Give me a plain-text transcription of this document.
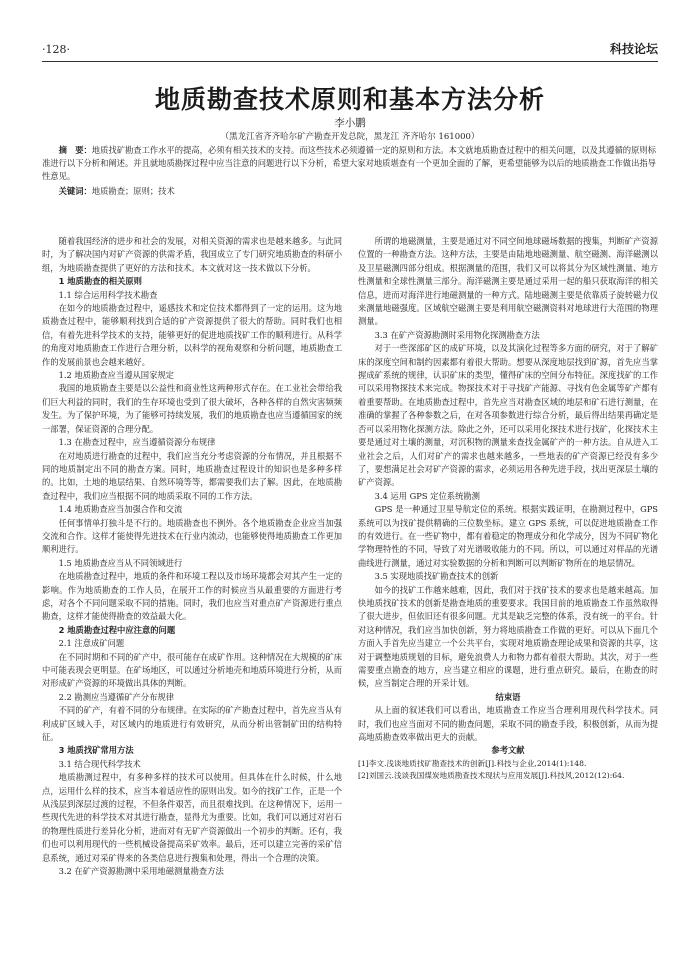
·128·	科技论坛
地质勘查技术原则和基本方法分析
李小鹏
（黑龙江省齐齐哈尔矿产勘查开发总院，黑龙江 齐齐哈尔 161000）
摘　要：地质找矿勘查工作水平的提高，必须有相关技术的支持。而这些技术必须遵循一定的原则和方法。本文就地质勘查过程中的相关问题，以及其遵循的原则标准进行以下分析和阐述。并且就地质勘探过程中应当注意的问题进行以下分析，希望大家对地质堪查有一个更加全面的了解，更希望能够为以后的地质勘查工作做出指导性意见。
关键词：地质勘查；原则；技术
随着我国经济的进步和社会的发展，对相关资源的需求也是越来越多。与此同时，为了解决国内对矿产资源的供需矛盾，我国成立了专门研究地质勘查的科研小组，为地质勘查提供了更好的方法和技术。本文就对这一技术做以下分析。
1 地质勘查的相关原则
1.1 综合运用科学技术勘查
在如今的地质勘查过程中，遥感技术和定位技术都得到了一定的运用。这为地质勘查过程中，能够顺利找到合适的矿产资源提供了很大的帮助。同时我们也相信，有着先进科学技术的支持，能够更好的促进地质找矿工作的顺利进行。从科学的角度对地质勘查工作进行合理分析，以科学的视角观察和分析问题，地质勘查工作的发展前景也会越来越好。
1.2 地质勘查应当遵从国家规定
我国的地质勘查主要是以公益性和商业性这两种形式存在。在工业社会带给我们巨大利益的同时，我们的生存环境也受到了很大破坏，各种各样的自然灾害频频发生。为了保护环境，为了能够可持续发展，我们的地质勘查也应当遵循国家的统一部署，保证资源的合理分配。
1.3 在勘查过程中，应当遵循资源分布规律
在对地质进行勘查的过程中，我们应当充分考虑资源的分布情况，并且根据不同的地质制定出不同的勘查方案。同时，地质勘查过程设计的知识也是多种多样的。比如，土地的地层结果、自然环境等等，都需要我们去了解。因此，在地质勘查过程中，我们应当根据不同的地质采取不同的工作方法。
1.4 地质勘查应当加强合作和交流
任何事情单打独斗是不行的。地质勘查也不例外。各个地质勘查企业应当加强交流和合作。这样才能使得先进技术在行业内流动，也能够使得地质勘查工作更加顺利进行。
1.5 地质勘查应当从不同领域进行
在地质勘查过程中，地质的条件和环境工程以及市场环境都会对其产生一定的影响。作为地质勘查的工作人员，在展开工作的时候应当从最重要的方面进行考虑，对各个不同问题采取不同的措施。同时，我们也应当对重点矿产资源进行重点勘查，这样才能使得勘查的效益最大化。
2 地质勘查过程中应注意的问题
2.1 注意成矿问题
在不同时期和不同的矿产中，很可能存在成矿作用。这种情况在大规模的矿床中可能表现会更明显。在矿场地区，可以通过分析地壳和地质环境进行分析，从而对形成矿产资源的环境做出具体的判断。
2.2 勘测应当遵循矿产分布规律
不同的矿产，有着不同的分布规律。在实际的矿产勘查过程中，首先应当从有利成矿区域入手，对区域内的地质进行有效研究，从而分析出管制矿田的结构特征。
3 地质找矿常用方法
3.1 结合现代科学技术
地质勘测过程中，有多种多样的技术可以使用。但具体在什么时候，什么地点，运用什么样的技术，应当本着适应性的原则出发。如今的找矿工作，正是一个从浅层到深层过渡的过程，不但条件艰苦，而且很难找到。在这种情况下，运用一些现代先进的科学技术对其进行勘查，显得尤为重要。比如，我们可以通过对岩石的物理性质进行差异化分析，进而对有无矿产资源做出一个初步的判断。还有，我们也可以利用现代的一些机械设备提高采矿效率。最后，还可以建立完善的采矿信息系统，通过对采矿得来的各类信息进行搜集和处理，得出一个合理的决策。
3.2 在矿产资源勘测中采用地磁测量勘查方法
所谓的地磁测量，主要是通过对不同空间地球磁场数据的搜集，判断矿产资源位置的一种勘查方法。这种方法，主要是由陆地地磁测量、航空磁测、海洋磁测以及卫星磁测四部分组成。根据测量的范围，我们又可以将其分为区域性测量、地方性测量和全球性测量三部分。海洋磁测主要是通过采用一起的船只获取海洋的相关信息，进而对海洋进行地磁测量的一种方式。陆地磁测主要是依靠质子旋转磁力仪来测量地磁强度。区域航空磁测主要是利用航空磁测资料对地球进行大范围的物理测量。
3.3 在矿产资源勘测时采用物化探测勘查方法
对于一些深部矿区的成矿环境，以及其演化过程等多方面的研究，对于了解矿床的深度空间和制约因素都有着很大帮助。想要从深度地层找到矿源，首先应当掌握成矿系统的规律，认识矿床的类型，懂得矿床的空间分布特征。深度找矿的工作可以采用物探技术来完成。物探技术对于寻找矿产能源、寻找有色金属等矿产都有着重要帮助。在地质勘查过程中，首先应当对勘查区域的地层和矿石进行测量，在准确的掌握了各种参数之后，在对各项参数进行综合分析，最后得出结果再确定是否可以采用物化探测方法。除此之外，还可以采用化探技术进行找矿，化探技术主要是通过对土壤的测量，对沉积物的测量来查找金属矿产的一种方法。自从进入工业社会之后，人们对矿产的需求也越来越多，一些地表的矿产资源已经没有多少了，要想满足社会对矿产资源的需求，必须运用各种先进手段，找出更深层土壤的矿产资源。
3.4 运用 GPS 定位系统勘测
GPS 是一种通过卫星导航定位的系统。根据实践证明，在勘测过程中，GPS 系统可以为找矿提供精确的三位数坐标。建立 GPS 系统，可以促进地质勘查工作的有效进行。在一些矿物中，都有着稳定的物理成分和化学成分，因为不同矿物化学物理特性的不同，导致了对光谱吸收能力的不同。所以，可以通过对样品的光谱曲线进行测量，通过对实验数据的分析和判断可以判断矿物所在的地层情况。
3.5 实现地质找矿勘查技术的创新
如今的找矿工作越来越难，因此，我们对于找矿技术的要求也是越来越高。加快地质找矿技术的创新是勘查地质的重要要求。我国目前的地质勘查工作虽然取得了很大进步，但依旧还有很多问题。尤其是缺乏完整的体系，没有统一的平台。针对这种情况，我们应当加快创新，努力将地质勘查工作做的更好。可以从下面几个方面入手首先应当建立一个公共平台，实现对地质勘查理论成果和资源的共享，这对于调整地质规划的目标，避免浪费人力和物力都有着很大帮助。其次，对于一些需要重点勘查的地方，应当建立相应的课题，进行重点研究。最后，在勘查的时候，应当制定合理的开采计划。
结束语
从上面的叙述我们可以看出，地质勘查工作应当合理利用现代科学技术。同时，我们也应当面对不同的勘查问题，采取不同的勘查手段，积极创新，从而为提高地质勘查效率做出更大的贡献。
参考文献
[1]李文.浅谈地质找矿勘查技术的创新[J].科技与企业,2014(1):148.
[2]刘国云.浅谈我国煤炭地质勘查技术现状与应用发展[J].科技风,2012(12):64.
